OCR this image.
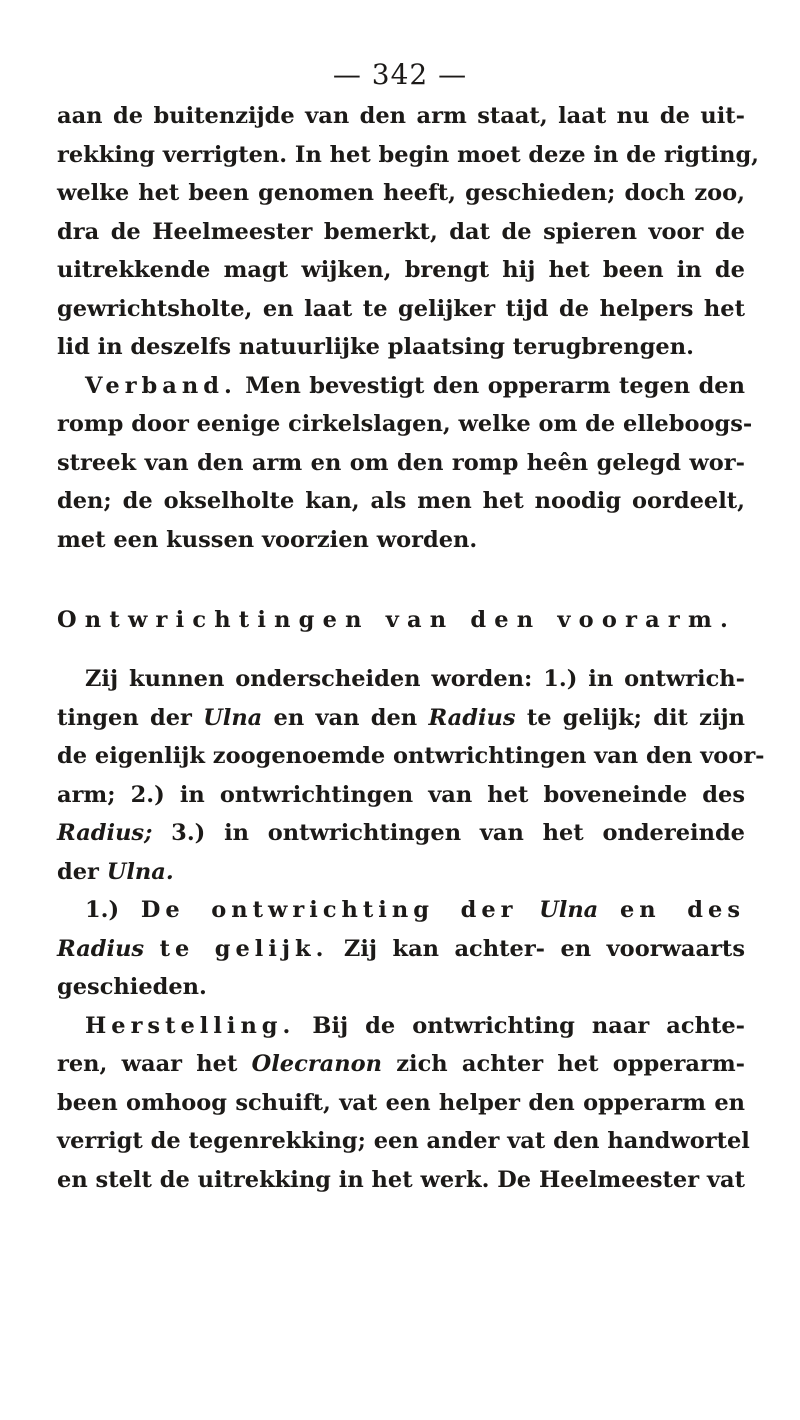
— 342 —
aan de buitenzijde van den arm staat, laat nu de uit-
rekking verrigten. In het begin moet deze in de rigting,
welke het been genomen heeft, geschieden; doch zoo,
dra de Heelmeester bemerkt, dat de spieren voor de
uitrekkende magt wijken, brengt hij het been in de
gewrichtsholte, en laat te gelijker tijd de helpers het
lid in deszelfs natuurlijke plaatsing terugbrengen.
Verband. Men bevestigt den opperarm tegen den
romp door eenige cirkelslagen, welke om de elleboogs-
streek van den arm en om den romp heên gelegd wor-
den; de okselholte kan, als men het noodig oordeelt,
met een kussen voorzien worden.
Ontwrichtingen van den voorarm.
Zij kunnen onderscheiden worden: 1.) in ontwrich-
tingen der Ulna en van den Radius te gelijk; dit zijn
de eigenlijk zoogenoemde ontwrichtingen van den voor-
arm; 2.) in ontwrichtingen van het boveneinde des
Radius; 3.) in ontwrichtingen van het ondereinde
der Ulna.
1.) De ontwrichting der Ulna en des
Radius te gelijk. Zij kan achter- en voorwaarts
geschieden.
Herstelling. Bij de ontwrichting naar achte-
ren, waar het Olecranon zich achter het opperarm-
been omhoog schuift, vat een helper den opperarm en
verrigt de tegenrekking; een ander vat den handwortel
en stelt de uitrekking in het werk. De Heelmeester vat
